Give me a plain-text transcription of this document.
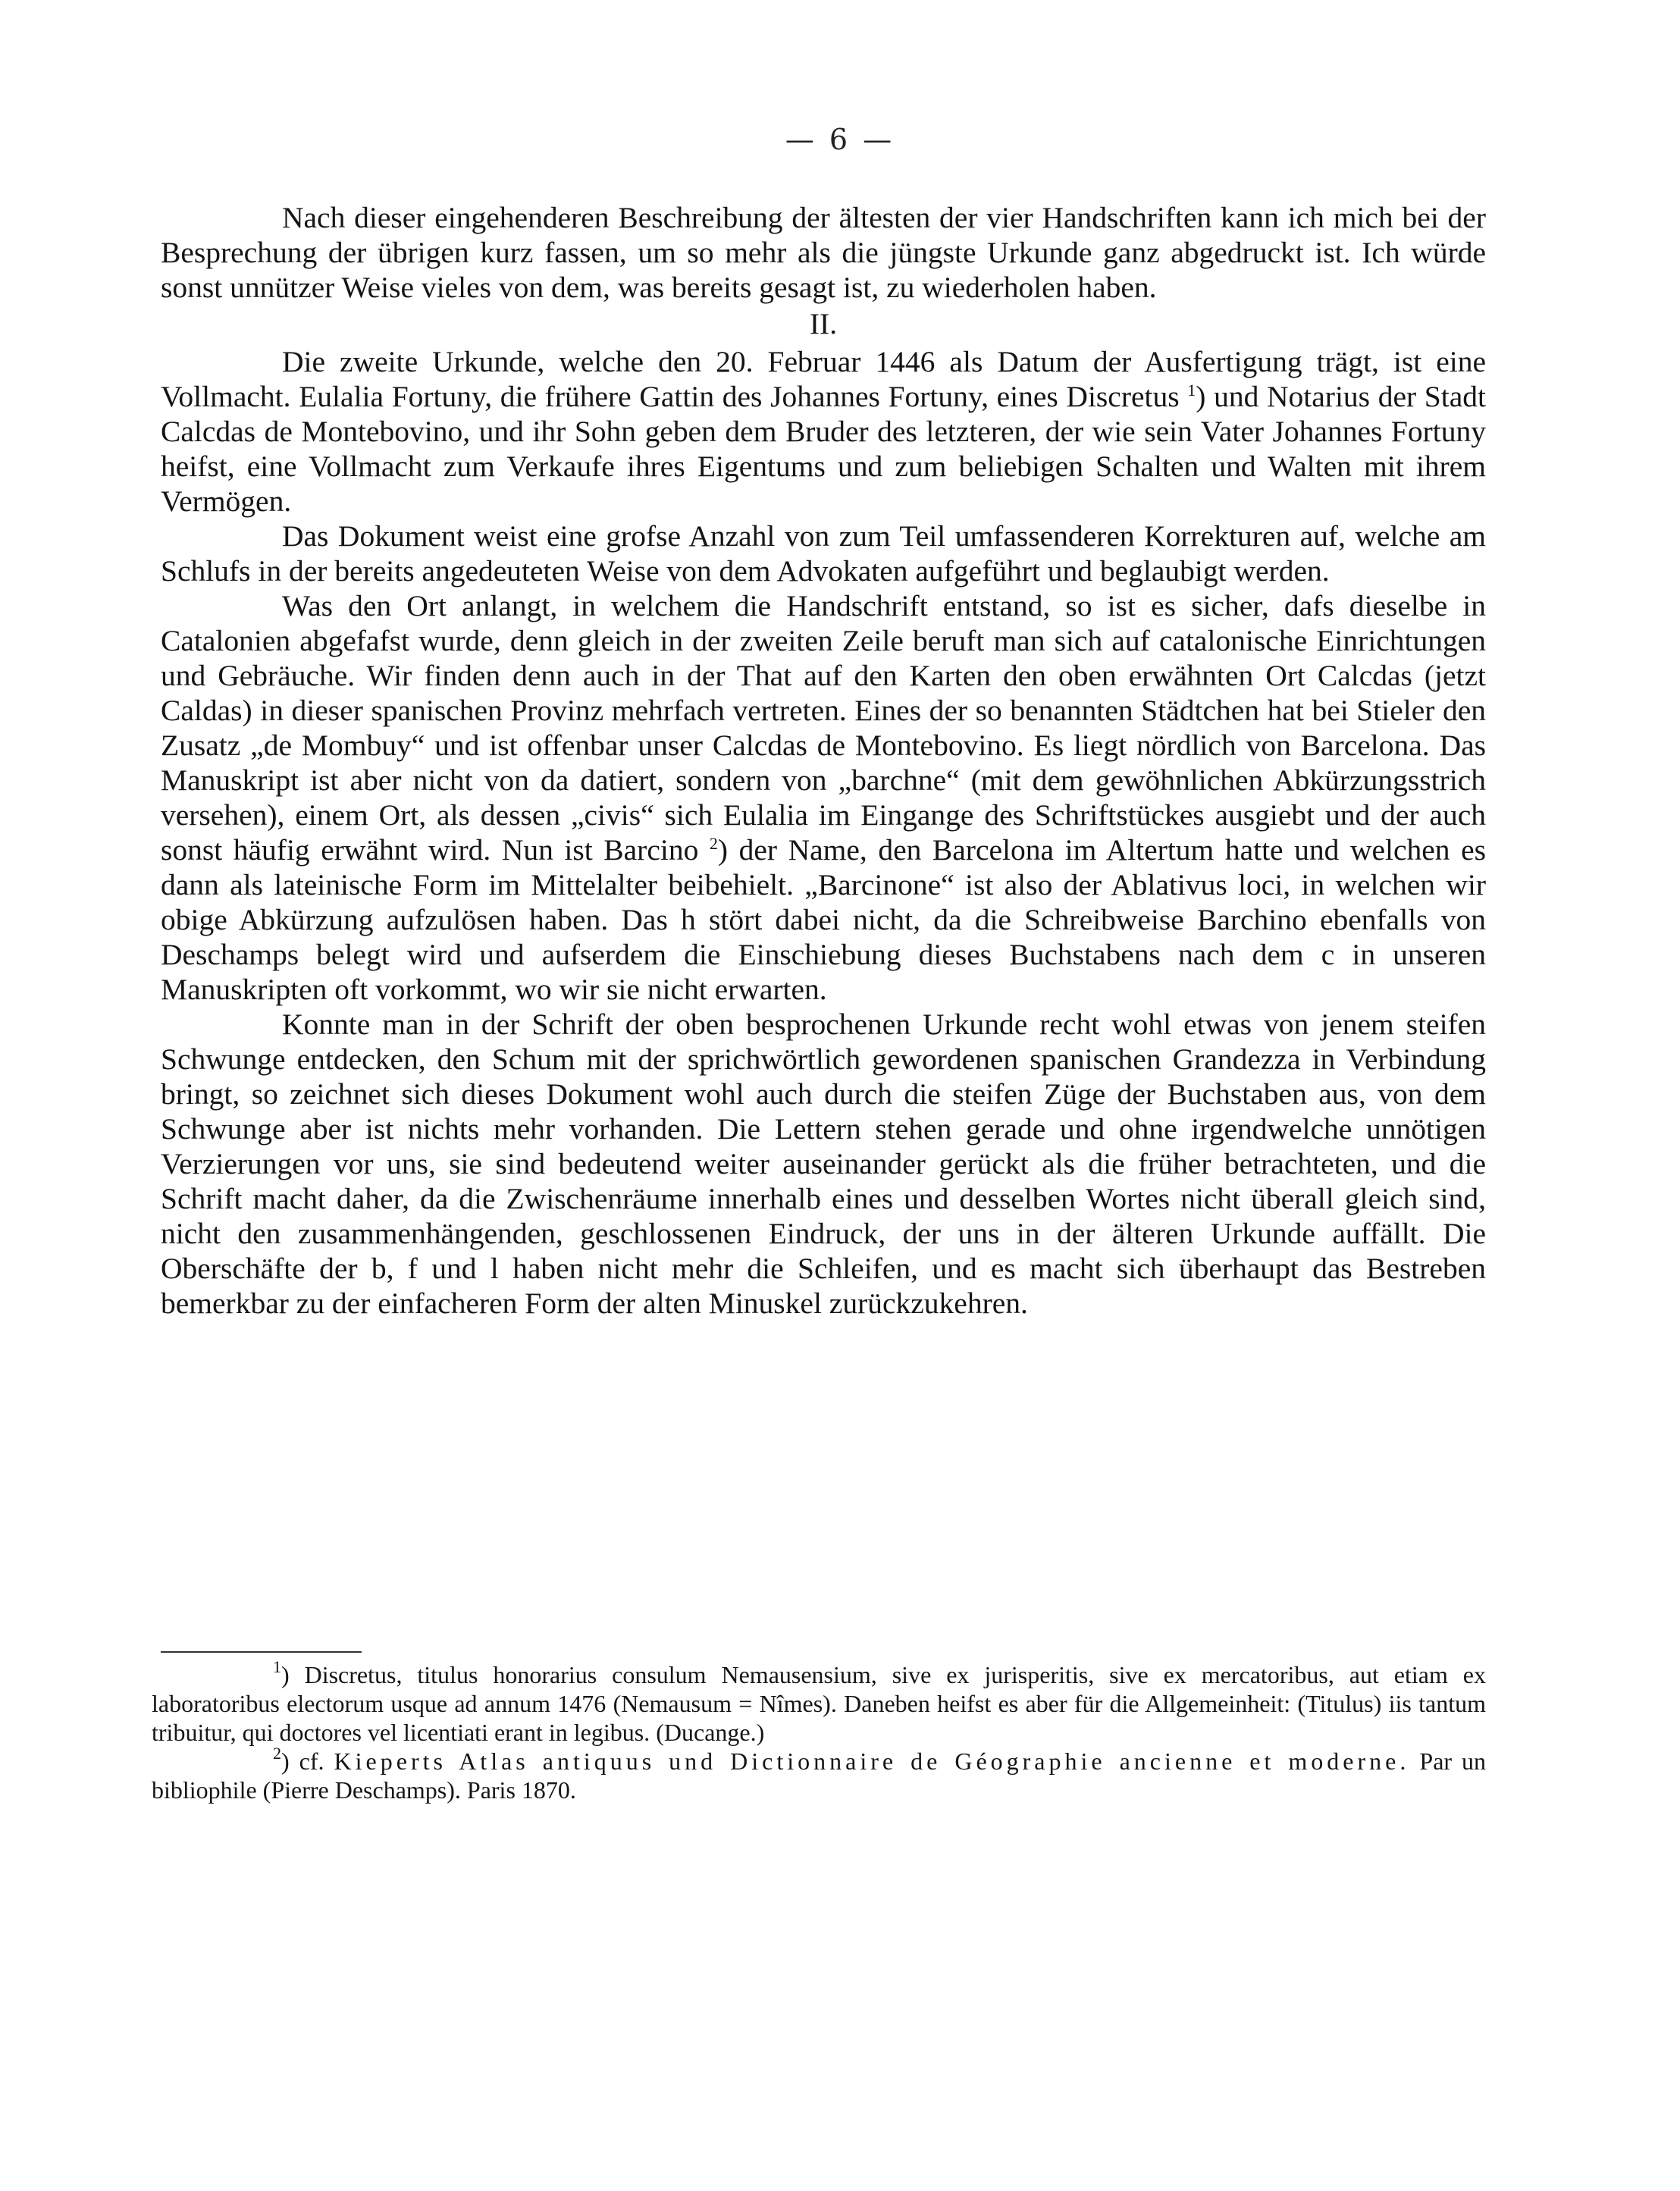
— 6 —

Nach dieser eingehenderen Beschreibung der ältesten der vier Handschriften kann ich mich bei der Besprechung der übrigen kurz fassen, um so mehr als die jüngste Urkunde ganz abgedruckt ist. Ich würde sonst unnützer Weise vieles von dem, was bereits gesagt ist, zu wiederholen haben.

II.

Die zweite Urkunde, welche den 20. Februar 1446 als Datum der Ausfertigung trägt, ist eine Vollmacht. Eulalia Fortuny, die frühere Gattin des Johannes Fortuny, eines Discretus $^1$) und Notarius der Stadt Calcdas de Montebovino, und ihr Sohn geben dem Bruder des letzteren, der wie sein Vater Johannes Fortuny heifst, eine Vollmacht zum Verkaufe ihres Eigentums und zum beliebigen Schalten und Walten mit ihrem Vermögen.

Das Dokument weist eine grofse Anzahl von zum Teil umfassenderen Korrekturen auf, welche am Schlufs in der bereits angedeuteten Weise von dem Advokaten aufgeführt und beglaubigt werden.

Was den Ort anlangt, in welchem die Handschrift entstand, so ist es sicher, dafs dieselbe in Catalonien abgefafst wurde, denn gleich in der zweiten Zeile beruft man sich auf catalonische Einrichtungen und Gebräuche. Wir finden denn auch in der That auf den Karten den oben erwähnten Ort Calcdas (jetzt Caldas) in dieser spanischen Provinz mehrfach vertreten. Eines der so benannten Städtchen hat bei Stieler den Zusatz „de Mombuy“ und ist offenbar unser Calcdas de Montebovino. Es liegt nördlich von Barcelona. Das Manuskript ist aber nicht von da datiert, sondern von „barchne“ (mit dem gewöhnlichen Abkürzungsstrich versehen), einem Ort, als dessen „civis“ sich Eulalia im Eingange des Schriftstückes ausgiebt und der auch sonst häufig erwähnt wird. Nun ist Barcino $^2$) der Name, den Barcelona im Altertum hatte und welchen es dann als lateinische Form im Mittelalter beibehielt. „Barcinone“ ist also der Ablativus loci, in welchen wir obige Abkürzung aufzulösen haben. Das h stört dabei nicht, da die Schreibweise Barchino ebenfalls von Deschamps belegt wird und aufserdem die Einschiebung dieses Buchstabens nach dem c in unseren Manuskripten oft vorkommt, wo wir sie nicht erwarten.

Konnte man in der Schrift der oben besprochenen Urkunde recht wohl etwas von jenem steifen Schwunge entdecken, den Schum mit der sprichwörtlich gewordenen spanischen Grandezza in Verbindung bringt, so zeichnet sich dieses Dokument wohl auch durch die steifen Züge der Buchstaben aus, von dem Schwunge aber ist nichts mehr vorhanden. Die Lettern stehen gerade und ohne irgendwelche unnötigen Verzierungen vor uns, sie sind bedeutend weiter auseinander gerückt als die früher betrachteten, und die Schrift macht daher, da die Zwischenräume innerhalb eines und desselben Wortes nicht überall gleich sind, nicht den zusammenhängenden, geschlossenen Eindruck, der uns in der älteren Urkunde auffällt. Die Oberschäfte der b, f und l haben nicht mehr die Schleifen, und es macht sich überhaupt das Bestreben bemerkbar zu der einfacheren Form der alten Minuskel zurückzukehren.

$^1$) Discretus, titulus honorarius consulum Nemausensium, sive ex jurisperitis, sive ex mercatoribus, aut etiam ex laboratoribus electorum usque ad annum 1476 (Nemausum = Nîmes). Daneben heifst es aber für die Allgemeinheit: (Titulus) iis tantum tribuitur, qui doctores vel licentiati erant in legibus. (Ducange.)

$^2$) cf. Kieperts Atlas antiquus und Dictionnaire de Géographie ancienne et moderne. Par un bibliophile (Pierre Deschamps). Paris 1870.
